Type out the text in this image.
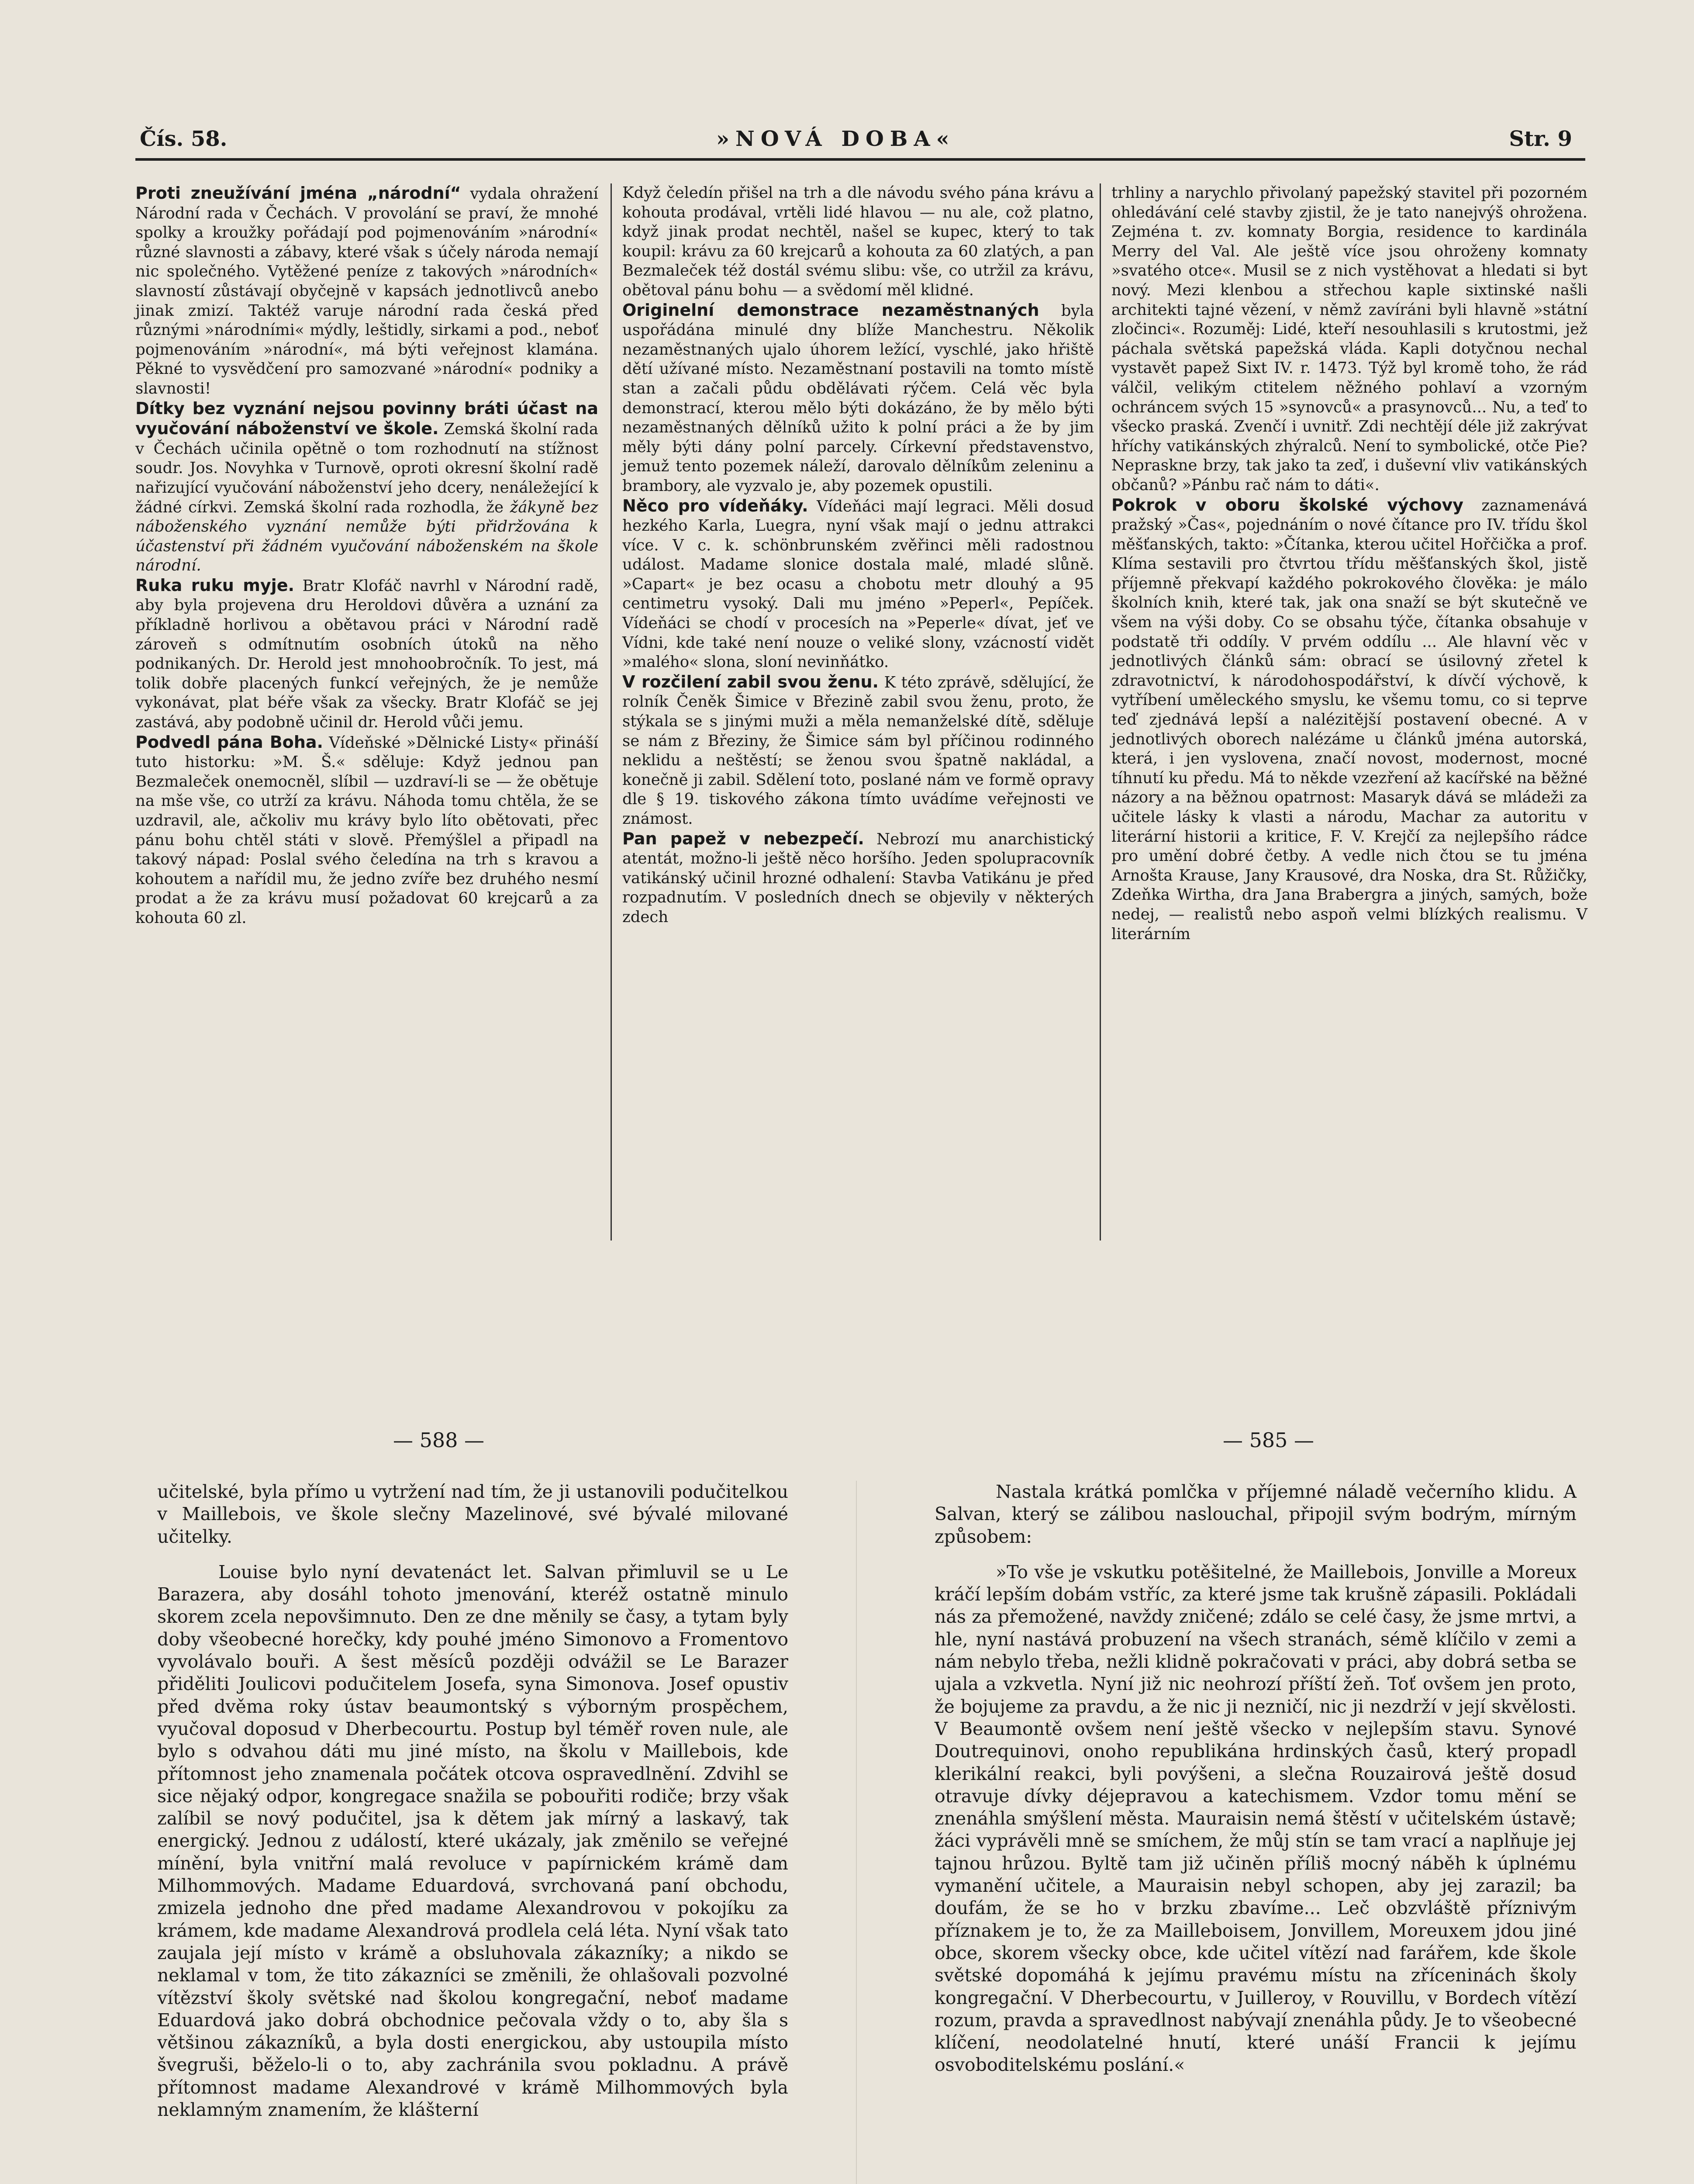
Čís. 58.	»NOVÁ DOBA«	Str. 9

Proti zneužívání jména „národní“ vydala ohražení Národní rada v Čechách. V provolání se praví, že mnohé spolky a kroužky pořádají pod pojmenováním »národní« různé slavnosti a zábavy, které však s účely národa nemají nic společného. Vytěžené peníze z takových »národních« slavností zůstávají obyčejně v kapsách jednotlivců anebo jinak zmizí. Taktéž varuje národní rada česká před různými »národními« mýdly, leštidly, sirkami a pod., neboť pojmenováním »národní«, má býti veřejnost klamána. Pěkné to vysvědčení pro samozvané »národní« podniky a slavnosti!

Dítky bez vyznání nejsou povinny bráti účast na vyučování náboženství ve škole. Zemská školní rada v Čechách učinila opětně o tom rozhodnutí na stížnost soudr. Jos. Novyhka v Turnově, oproti okresní školní radě nařizující vyučování náboženství jeho dcery, nenáležející k žádné církvi. Zemská školní rada rozhodla, že žákyně bez náboženského vyznání nemůže býti přidržována k účastenství při žádném vyučování náboženském na škole národní.

Ruka ruku myje. Bratr Klofáč navrhl v Národní radě, aby byla projevena dru Heroldovi důvěra a uznání za příkladně horlivou a obětavou práci v Národní radě zároveň s odmítnutím osobních útoků na něho podnikaných. Dr. Herold jest mnohoobročník. To jest, má tolik dobře placených funkcí veřejných, že je nemůže vykonávat, plat béře však za všecky. Bratr Klofáč se jej zastává, aby podobně učinil dr. Herold vůči jemu.

Podvedl pána Boha. Vídeňské »Dělnické Listy« přináší tuto historku: »M. Š.« sděluje: Když jednou pan Bezmaleček onemocněl, slíbil — uzdraví-li se — že obětuje na mše vše, co utrží za krávu. Náhoda tomu chtěla, že se uzdravil, ale, ačkoliv mu krávy bylo líto obětovati, přec pánu bohu chtěl státi v slově. Přemýšlel a připadl na takový nápad: Poslal svého čeledína na trh s kravou a kohoutem a nařídil mu, že jedno zvíře bez druhého nesmí prodat a že za krávu musí požadovat 60 krejcarů a za kohouta 60 zl.

Když čeledín přišel na trh a dle návodu svého pána krávu a kohouta prodával, vrtěli lidé hlavou — nu ale, což platno, když jinak prodat nechtěl, našel se kupec, který to tak koupil: krávu za 60 krejcarů a kohouta za 60 zlatých, a pan Bezmaleček též dostál svému slibu: vše, co utržil za krávu, obětoval pánu bohu — a svědomí měl klidné.

Originelní demonstrace nezaměstnaných byla uspořádána minulé dny blíže Manchestru. Několik nezaměstnaných ujalo úhorem ležící, vyschlé, jako hřiště dětí užívané místo. Nezaměstnaní postavili na tomto místě stan a začali půdu obdělávati rýčem. Celá věc byla demonstrací, kterou mělo býti dokázáno, že by mělo býti nezaměstnaných dělníků užito k polní práci a že by jim měly býti dány polní parcely. Církevní představenstvo, jemuž tento pozemek náleží, darovalo dělníkům zeleninu a brambory, ale vyzvalo je, aby pozemek opustili.

Něco pro vídeňáky. Vídeňáci mají legraci. Měli dosud hezkého Karla, Luegra, nyní však mají o jednu attrakci více. V c. k. schönbrunském zvěřinci měli radostnou událost. Madame slonice dostala malé, mladé slůně. »Capart« je bez ocasu a chobotu metr dlouhý a 95 centimetru vysoký. Dali mu jméno »Peperl«, Pepíček. Vídeňáci se chodí v procesích na »Peperle« dívat, jeť ve Vídni, kde také není nouze o veliké slony, vzácností vidět »malého« slona, sloní nevinňátko.

V rozčilení zabil svou ženu. K této zprávě, sdělující, že rolník Čeněk Šimice v Březině zabil svou ženu, proto, že stýkala se s jinými muži a měla nemanželské dítě, sděluje se nám z Březiny, že Šimice sám byl příčinou rodinného neklidu a neštěstí; se ženou svou špatně nakládal, a konečně ji zabil. Sdělení toto, poslané nám ve formě opravy dle § 19. tiskového zákona tímto uvádíme veřejnosti ve známost.

Pan papež v nebezpečí. Nebrozí mu anarchistický atentát, možno-li ještě něco horšího. Jeden spolupracovník vatikánský učinil hrozné odhalení: Stavba Vatikánu je před rozpadnutím. V posledních dnech se objevily v některých zdech

trhliny a narychlo přivolaný papežský stavitel při pozorném ohledávání celé stavby zjistil, že je tato nanejvýš ohrožena. Zejména t. zv. komnaty Borgia, residence to kardinála Merry del Val. Ale ještě více jsou ohroženy komnaty »svatého otce«. Musil se z nich vystěhovat a hledati si byt nový. Mezi klenbou a střechou kaple sixtinské našli architekti tajné vězení, v němž zavíráni byli hlavně »státní zločinci«. Rozuměj: Lidé, kteří nesouhlasili s krutostmi, jež páchala světská papežská vláda. Kapli dotyčnou nechal vystavět papež Sixt IV. r. 1473. Týž byl kromě toho, že rád válčil, velikým ctitelem něžného pohlaví a vzorným ochráncem svých 15 »synovců« a prasynovců... Nu, a teď to všecko praská. Zvenčí i uvnitř. Zdi nechtějí déle již zakrývat hříchy vatikánských zhýralců. Není to symbolické, otče Pie? Nepraskne brzy, tak jako ta zeď, i duševní vliv vatikánských občanů? »Pánbu rač nám to dáti«.

Pokrok v oboru školské výchovy zaznamenává pražský »Čas«, pojednáním o nové čítance pro IV. třídu škol měšťanských, takto: »Čítanka, kterou učitel Hořčička a prof. Klíma sestavili pro čtvrtou třídu měšťanských škol, jistě příjemně překvapí každého pokrokového člověka: je málo školních knih, které tak, jak ona snaží se být skutečně ve všem na výši doby. Co se obsahu týče, čítanka obsahuje v podstatě tři oddíly. V prvém oddílu ... Ale hlavní věc v jednotlivých článků sám: obrací se úsilovný zřetel k zdravotnictví, k národohospodářství, k dívčí výchově, k vytříbení uměleckého smyslu, ke všemu tomu, co si teprve teď zjednává lepší a nalézitější postavení obecné. A v jednotlivých oborech nalézáme u článků jména autorská, která, i jen vyslovena, značí novost, modernost, mocné tíhnutí ku předu. Má to někde vzezření až kacířské na běžné názory a na běžnou opatrnost: Masaryk dává se mládeži za učitele lásky k vlasti a národu, Machar za autoritu v literární historii a kritice, F. V. Krejčí za nejlepšího rádce pro umění dobré četby. A vedle nich čtou se tu jména Arnošta Krause, Jany Krausové, dra Noska, dra St. Růžičky, Zdeňka Wirtha, dra Jana Brabergra a jiných, samých, bože nedej, — realistů nebo aspoň velmi blízkých realismu. V literárním

— 588 —	— 585 —

učitelské, byla přímo u vytržení nad tím, že ji ustanovili podučitelkou v Maillebois, ve škole slečny Mazelinové, své bývalé milované učitelky.

Louise bylo nyní devatenáct let. Salvan přimluvil se u Le Barazera, aby dosáhl tohoto jmenování, kteréž ostatně minulo skorem zcela nepovšimnuto. Den ze dne měnily se časy, a tytam byly doby všeobecné horečky, kdy pouhé jméno Simonovo a Fromentovo vyvolávalo bouři. A šest měsíců později odvážil se Le Barazer přiděliti Joulicovi podučitelem Josefa, syna Simonova. Josef opustiv před dvěma roky ústav beaumontský s výborným prospěchem, vyučoval doposud v Dherbecourtu. Postup byl téměř roven nule, ale bylo s odvahou dáti mu jiné místo, na školu v Maillebois, kde přítomnost jeho znamenala počátek otcova ospravedlnění. Zdvihl se sice nějaký odpor, kongregace snažila se pobouřiti rodiče; brzy však zalíbil se nový podučitel, jsa k dětem jak mírný a laskavý, tak energický. Jednou z událostí, které ukázaly, jak změnilo se veřejné mínění, byla vnitřní malá revoluce v papírnickém krámě dam Milhommových. Madame Eduardová, svrchovaná paní obchodu, zmizela jednoho dne před madame Alexandrovou v pokojíku za krámem, kde madame Alexandrová prodlela celá léta. Nyní však tato zaujala její místo v krámě a obsluhovala zákazníky; a nikdo se neklamal v tom, že tito zákazníci se změnili, že ohlašovali pozvolné vítězství školy světské nad školou kongregační, neboť madame Eduardová jako dobrá obchodnice pečovala vždy o to, aby šla s většinou zákazníků, a byla dosti energickou, aby ustoupila místo švegruši, běželo-li o to, aby zachránila svou pokladnu. A právě přítomnost madame Alexandrové v krámě Milhommových byla neklamným znamením, že klášterní

Nastala krátká pomlčka v příjemné náladě večerního klidu. A Salvan, který se zálibou naslouchal, připojil svým bodrým, mírným způsobem:

»To vše je vskutku potěšitelné, že Maillebois, Jonville a Moreux kráčí lepším dobám vstříc, za které jsme tak krušně zápasili. Pokládali nás za přemožené, navždy zničené; zdálo se celé časy, že jsme mrtvi, a hle, nyní nastává probuzení na všech stranách, sémě klíčilo v zemi a nám nebylo třeba, nežli klidně pokračovati v práci, aby dobrá setba se ujala a vzkvetla. Nyní již nic neohrozí příští žeň. Toť ovšem jen proto, že bojujeme za pravdu, a že nic ji nezničí, nic ji nezdrží v její skvělosti. V Beaumontě ovšem není ještě všecko v nejlepším stavu. Synové Doutrequinovi, onoho republikána hrdinských časů, který propadl klerikální reakci, byli povýšeni, a slečna Rouzairová ještě dosud otravuje dívky déjepravou a katechismem. Vzdor tomu mění se znenáhla smýšlení města. Mauraisin nemá štěstí v učitelském ústavě; žáci vyprávěli mně se smíchem, že můj stín se tam vrací a naplňuje jej tajnou hrůzou. Byltě tam již učiněn příliš mocný náběh k úplnému vymanění učitele, a Mauraisin nebyl schopen, aby jej zarazil; ba doufám, že se ho v brzku zbavíme... Leč obzvláště příznivým příznakem je to, že za Mailleboisem, Jonvillem, Moreuxem jdou jiné obce, skorem všecky obce, kde učitel vítězí nad farářem, kde škole světské dopomáhá k jejímu pravému místu na zříceninách školy kongregační. V Dherbecourtu, v Juilleroy, v Rouvillu, v Bordech vítězí rozum, pravda a spravedlnost nabývají znenáhla půdy. Je to všeobecné klíčení, neodolatelné hnutí, které unáší Francii k jejímu osvoboditelskému poslání.«
